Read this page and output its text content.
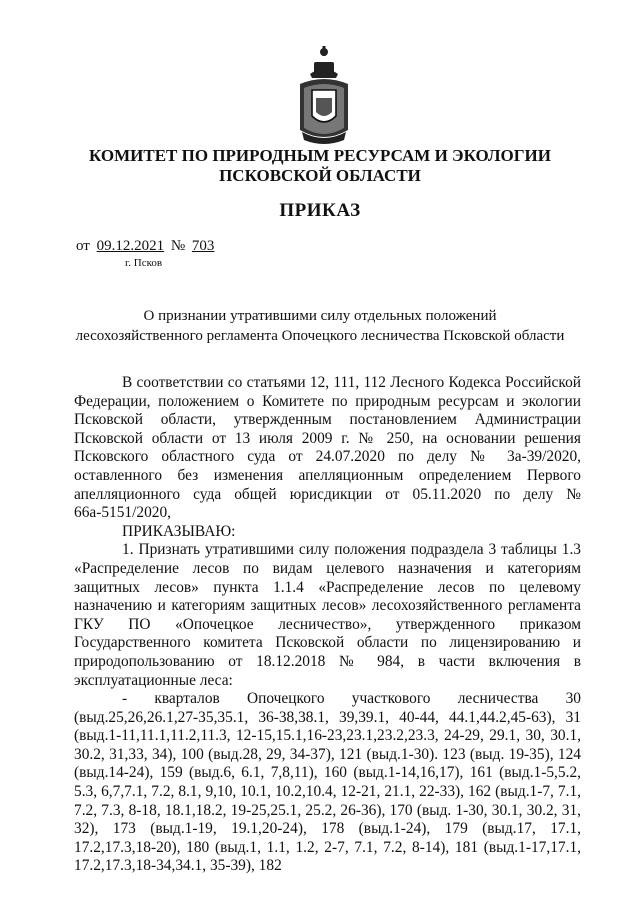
КОМИТЕТ ПО ПРИРОДНЫМ РЕСУРСАМ И ЭКОЛОГИИ
ПСКОВСКОЙ ОБЛАСТИ
ПРИКАЗ
от 09.12.2021 № 703
г. Псков
О признании утратившими силу отдельных положений
лесохозяйственного регламента Опочецкого лесничества Псковской области

В соответствии со статьями 12, 111, 112 Лесного Кодекса Российской Федерации, положением о Комитете по природным ресурсам и экологии Псковской области, утвержденным постановлением Администрации Псковской области от 13 июля 2009 г. № 250, на основании решения Псковского областного суда от 24.07.2020 по делу № 3а-39/2020, оставленного без изменения апелляционным определением Первого апелляционного суда общей юрисдикции от 05.11.2020 по делу № 66а-5151/2020,

ПРИКАЗЫВАЮ:

1. Признать утратившими силу положения подраздела 3 таблицы 1.3 «Распределение лесов по видам целевого назначения и категориям защитных лесов» пункта 1.1.4 «Распределение лесов по целевому назначению и категориям защитных лесов» лесохозяйственного регламента ГКУ ПО «Опочецкое лесничество», утвержденного приказом Государственного комитета Псковской области по лицензированию и природопользованию от 18.12.2018 № 984, в части включения в эксплуатационные леса:

- кварталов Опочецкого участкового лесничества 30 (выд.25,26,26.1,27-35,35.1, 36-38,38.1, 39,39.1, 40-44, 44.1,44.2,45-63), 31 (выд.1-11,11.1,11.2,11.3, 12-15,15.1,16-23,23.1,23.2,23.3, 24-29, 29.1, 30, 30.1, 30.2, 31,33, 34), 100 (выд.28, 29, 34-37), 121 (выд.1-30). 123 (выд. 19-35), 124 (выд.14-24), 159 (выд.6, 6.1, 7,8,11), 160 (выд.1-14,16,17), 161 (выд.1-5,5.2, 5.3, 6,7,7.1, 7.2, 8.1, 9,10, 10.1, 10.2,10.4, 12-21, 21.1, 22-33), 162 (выд.1-7, 7.1, 7.2, 7.3, 8-18, 18.1,18.2, 19-25,25.1, 25.2, 26-36), 170 (выд. 1-30, 30.1, 30.2, 31, 32), 173 (выд.1-19, 19.1,20-24), 178 (выд.1-24), 179 (выд.17, 17.1, 17.2,17.3,18-20), 180 (выд.1, 1.1, 1.2, 2-7, 7.1, 7.2, 8-14), 181 (выд.1-17,17.1, 17.2,17.3,18-34,34.1, 35-39), 182
